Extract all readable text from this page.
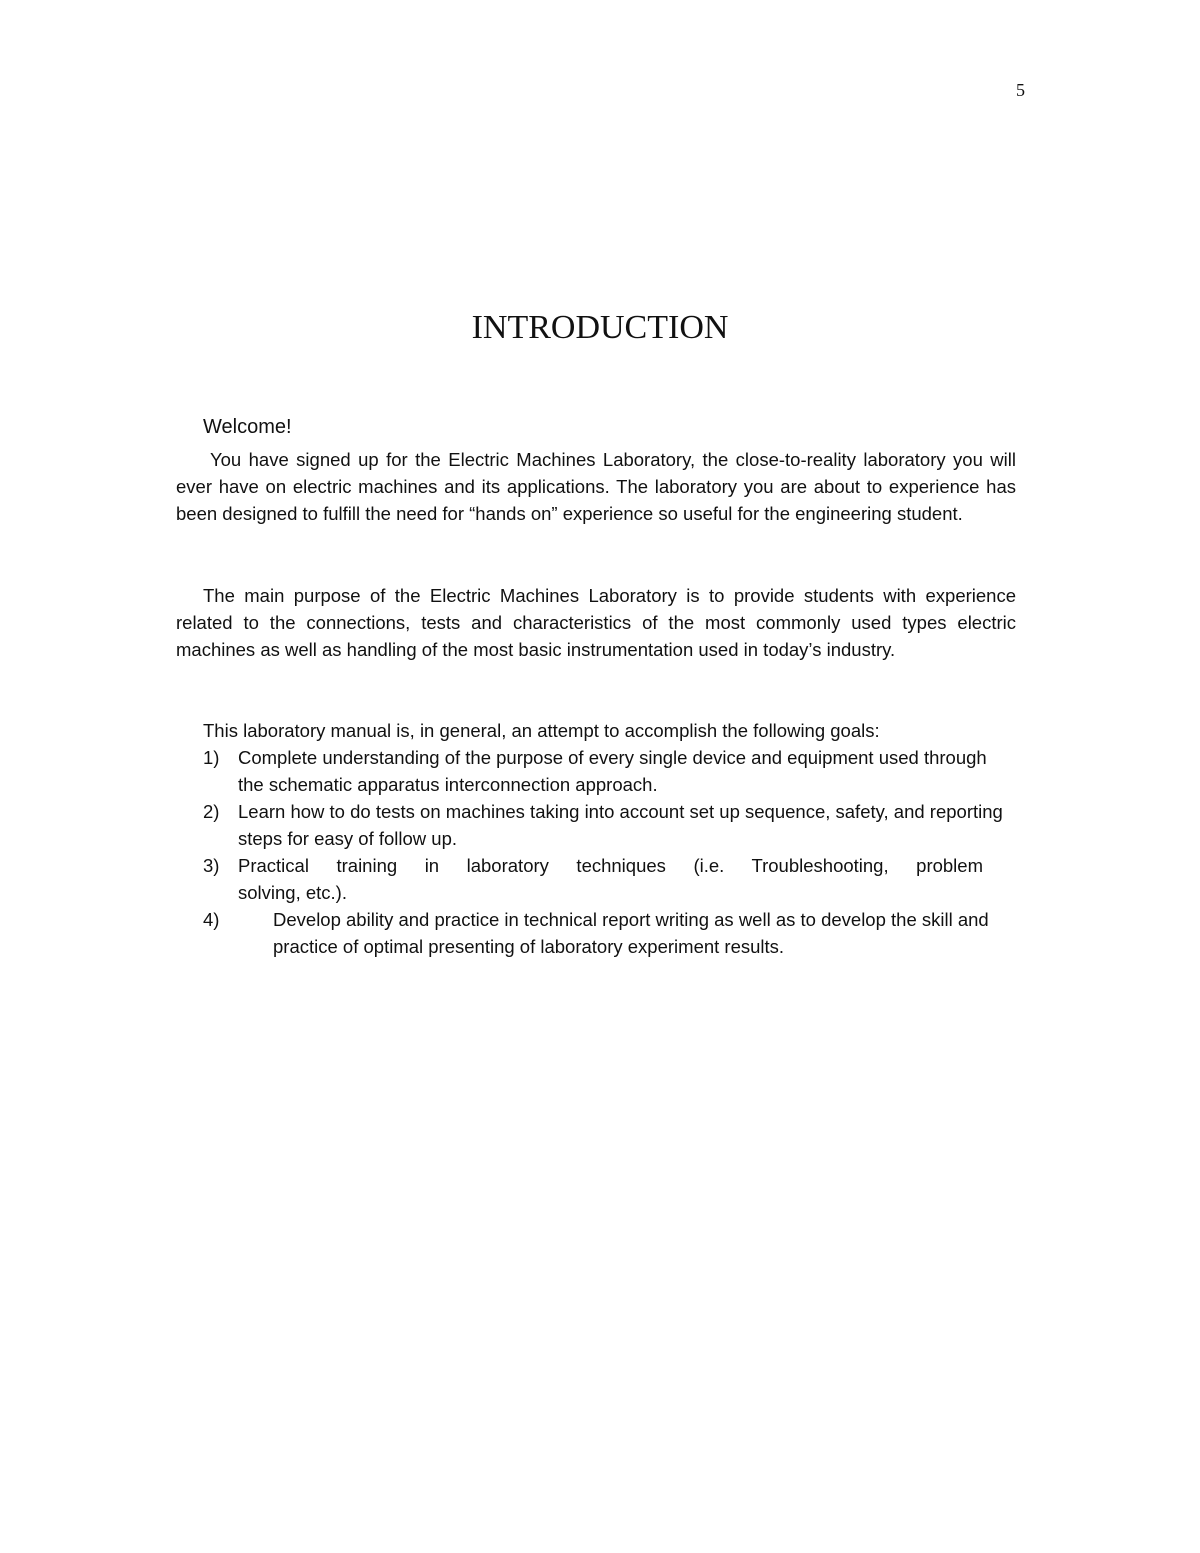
5
INTRODUCTION
Welcome!

You have signed up for the Electric Machines Laboratory, the close-to-reality laboratory you will ever have on electric machines and its applications. The laboratory you are about to experience has been designed to fulfill the need for “hands on” experience so useful for the engineering student.

The main purpose of the Electric Machines Laboratory is to provide students with experience related to the connections, tests and characteristics of the most commonly used types electric machines as well as handling of the most basic instrumentation used in today’s industry.

This laboratory manual is, in general, an attempt to accomplish the following goals:
1) Complete understanding of the purpose of every single device and equipment used through the schematic apparatus interconnection approach.
2) Learn how to do tests on machines taking into account set up sequence, safety, and reporting steps for easy of follow up.
3) Practical training in laboratory techniques (i.e. Troubleshooting, problem
solving, etc.).
4)	Develop ability and practice in technical report writing as well as to develop the skill and practice of optimal presenting of laboratory experiment results.
